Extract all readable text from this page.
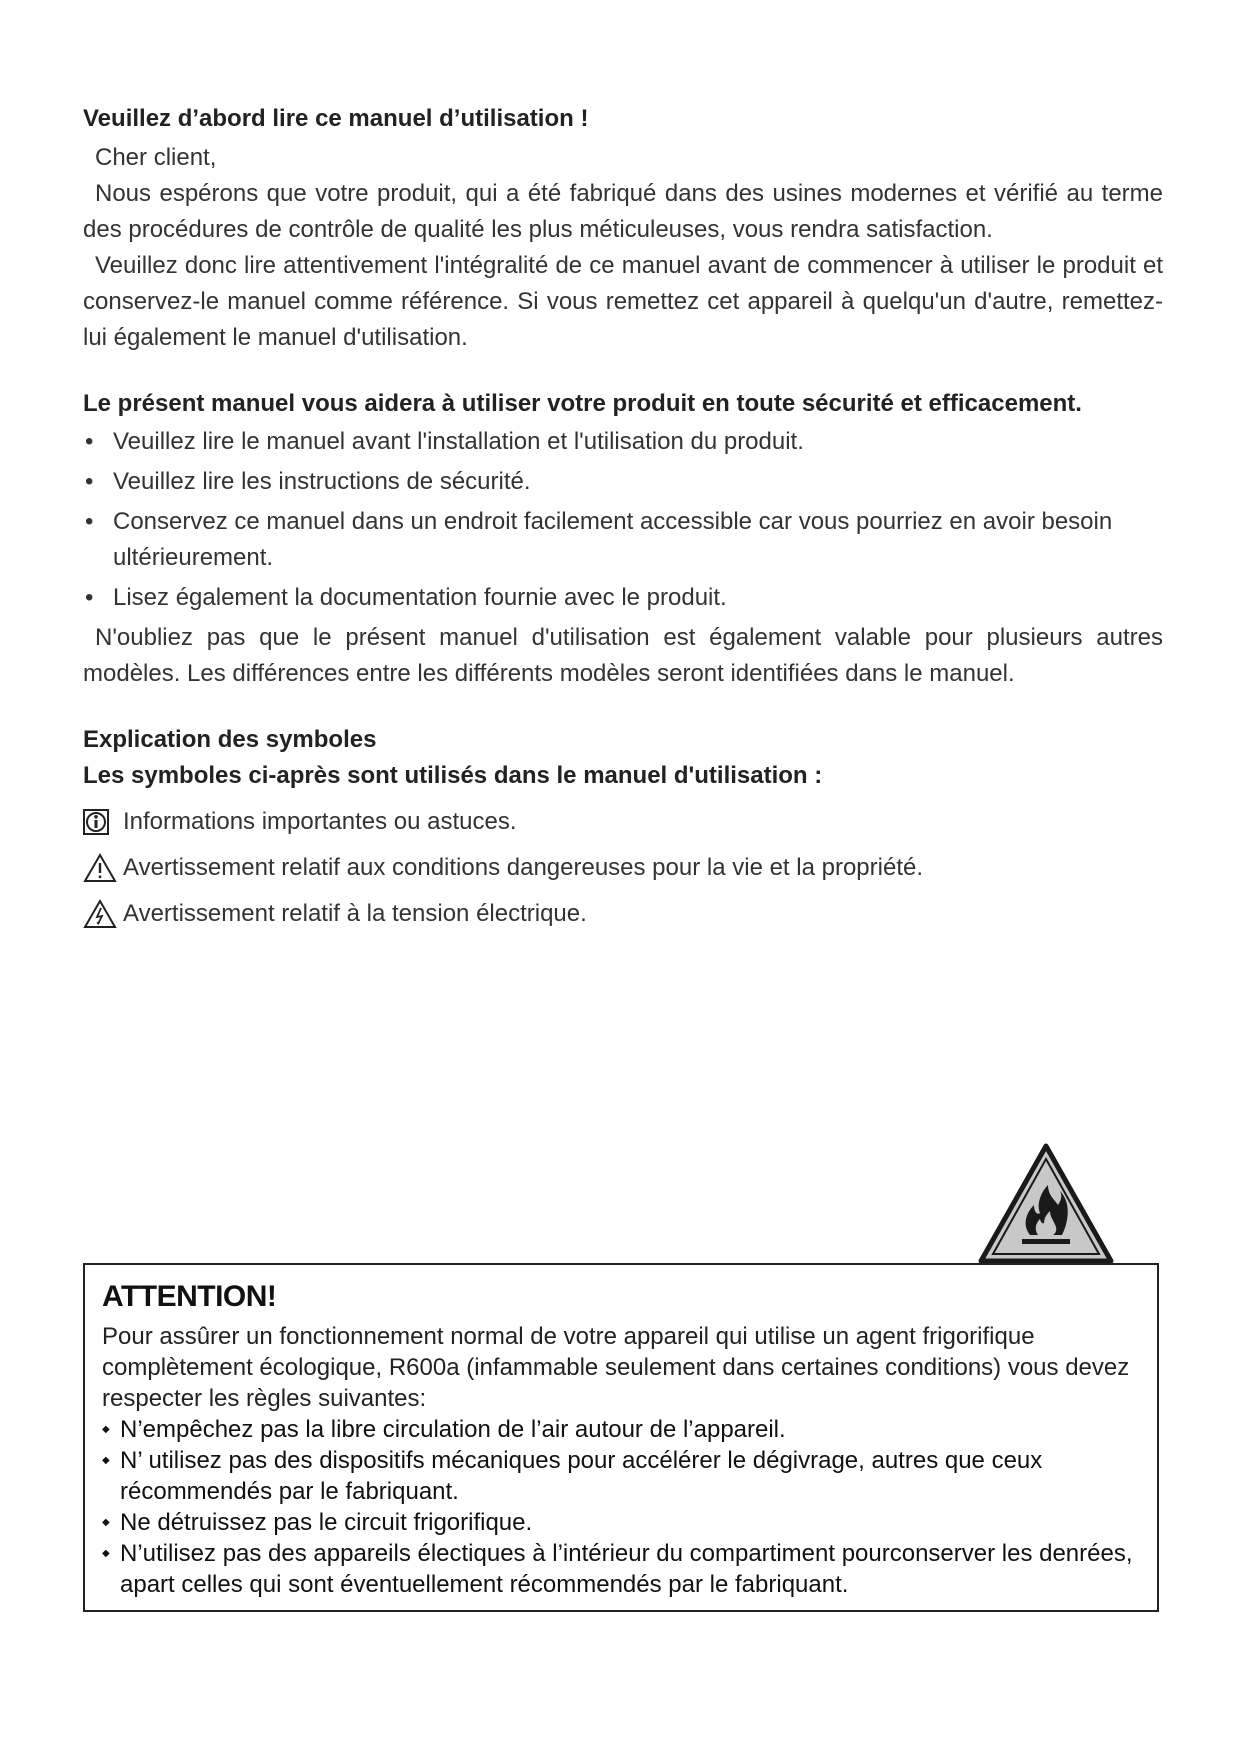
Veuillez d’abord lire ce manuel d’utilisation !

Cher client,

Nous espérons que votre produit, qui a été fabriqué dans des usines modernes et vérifié au terme des procédures de contrôle de qualité les plus méticuleuses, vous rendra satisfaction.

Veuillez donc lire attentivement l'intégralité de ce manuel avant de commencer à utiliser le produit et conservez-le manuel comme référence. Si vous remettez cet appareil à quelqu'un d'autre, remettez-lui également le manuel d'utilisation.

Le présent manuel vous aidera à utiliser votre produit en toute sécurité et efficacement.
• Veuillez lire le manuel avant l'installation et l'utilisation du produit.
• Veuillez lire les instructions de sécurité.
• Conservez ce manuel dans un endroit facilement accessible car vous pourriez en avoir besoin ultérieurement.
• Lisez également la documentation fournie avec le produit.

N'oubliez pas que le présent manuel d'utilisation est également valable pour plusieurs autres modèles. Les différences entre les différents modèles seront identifiées dans le manuel.

Explication des symboles
Les symboles ci-après sont utilisés dans le manuel d'utilisation :
Informations importantes ou astuces.
Avertissement relatif aux conditions dangereuses pour la vie et la propriété.
Avertissement relatif à la tension électrique.
ATTENTION!

Pour assûrer un fonctionnement normal de votre appareil qui utilise un agent frigorifique complètement écologique, R600a (infammable seulement dans certaines conditions) vous devez respecter les règles suivantes:

◆ N’empêchez pas la libre circulation de l’air autour de l’appareil.
◆ N’ utilisez pas des dispositifs mécaniques pour accélérer le dégivrage, autres que ceux récommendés par le fabriquant.
◆ Ne détruissez pas le circuit frigorifique.
◆ N’utilisez pas des appareils électiques à l’intérieur du compartiment pourconserver les denrées, apart celles qui sont éventuellement récommendés par le fabriquant.
